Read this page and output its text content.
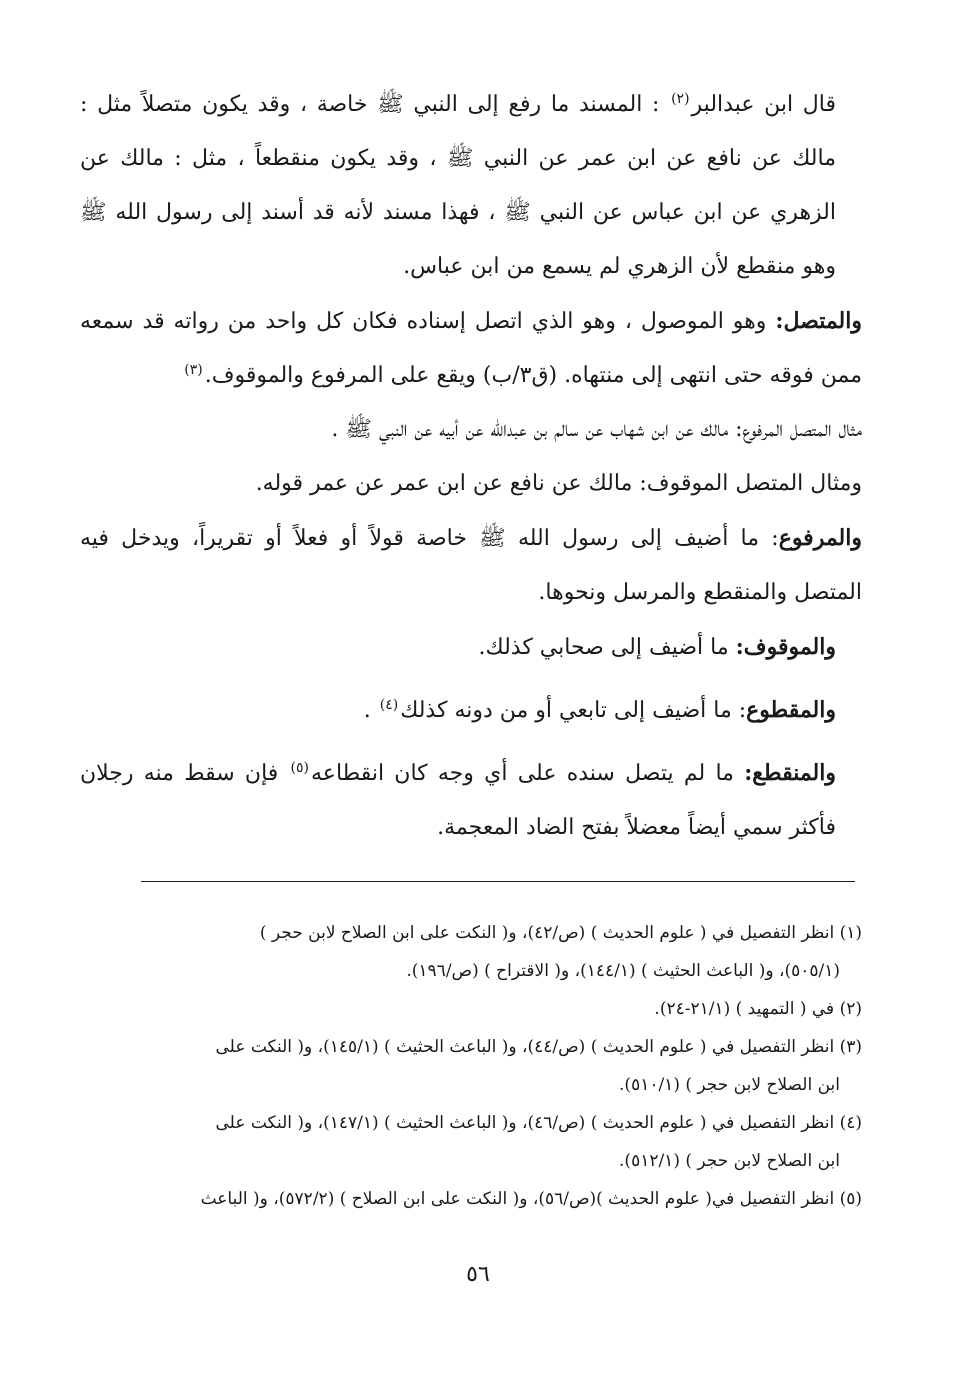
قال ابن عبدالبر$^{(٢)}$ : المسند ما رفع إلى النبي ﷺ خاصة ، وقد يكون متصلاً مثل : مالك عن نافع عن ابن عمر عن النبي ﷺ ، وقد يكون منقطعاً ، مثل : مالك عن الزهري عن ابن عباس عن النبي ﷺ ، فهذا مسند لأنه قد أسند إلى رسول الله ﷺ وهو منقطع لأن الزهري لم يسمع من ابن عباس.

والمتصل: وهو الموصول ، وهو الذي اتصل إسناده فكان كل واحد من رواته قد سمعه ممن فوقه حتى انتهى إلى منتهاه. (ق٣/ب) ويقع على المرفوع والموقوف.$^{(٣)}$

مثال المتصل المرفوع: مالك عن ابن شهاب عن سالم بن عبدالله عن أبيه عن النبي ﷺ .

ومثال المتصل الموقوف: مالك عن نافع عن ابن عمر عن عمر قوله.

والمرفوع: ما أضيف إلى رسول الله ﷺ خاصة قولاً أو فعلاً أو تقريراً، ويدخل فيه المتصل والمنقطع والمرسل ونحوها.

والموقوف: ما أضيف إلى صحابي كذلك.

والمقطوع: ما أضيف إلى تابعي أو من دونه كذلك$^{(٤)}$ .

والمنقطع: ما لم يتصل سنده على أي وجه كان انقطاعه$^{(٥)}$ فإن سقط منه رجلان فأكثر سمي أيضاً معضلاً بفتح الضاد المعجمة.

(١) انظر التفصيل في ( علوم الحديث ) (ص/٤٢)، و( النكت على ابن الصلاح لابن حجر )
(٥٠٥/١)، و( الباعث الحثيث ) (١٤٤/١)، و( الاقتراح ) (ص/١٩٦).

(٢) في ( التمهيد ) (٢١/١-٢٤).

(٣) انظر التفصيل في ( علوم الحديث ) (ص/٤٤)، و( الباعث الحثيث ) (١٤٥/١)، و( النكت على
ابن الصلاح لابن حجر ) (٥١٠/١).

(٤) انظر التفصيل في ( علوم الحديث ) (ص/٤٦)، و( الباعث الحثيث ) (١٤٧/١)، و( النكت على
ابن الصلاح لابن حجر ) (٥١٢/١).

(٥) انظر التفصيل في( علوم الحديث )(ص/٥٦)، و( النكت على ابن الصلاح ) (٥٧٢/٢)، و( الباعث

٥٦
